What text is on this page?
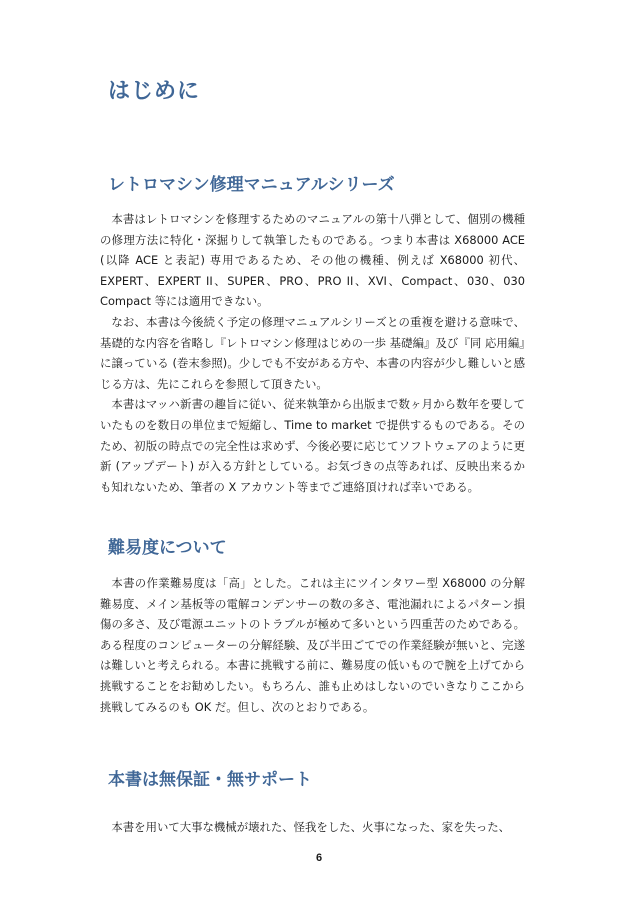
はじめに
レトロマシン修理マニュアルシリーズ

本書はレトロマシンを修理するためのマニュアルの第十八弾として、個別の機種の修理方法に特化・深掘りして執筆したものである。つまり本書は X68000 ACE (以降 ACE と表記) 専用であるため、その他の機種、例えば X68000 初代、EXPERT、EXPERT II、SUPER、PRO、PRO II、XVI、Compact、030、030 Compact 等には適用できない。

なお、本書は今後続く予定の修理マニュアルシリーズとの重複を避ける意味で、基礎的な内容を省略し『レトロマシン修理はじめの一歩 基礎編』及び『同 応用編』に譲っている (巻末参照)。少しでも不安がある方や、本書の内容が少し難しいと感じる方は、先にこれらを参照して頂きたい。

本書はマッハ新書の趣旨に従い、従来執筆から出版まで数ヶ月から数年を要していたものを数日の単位まで短縮し、Time to market で提供するものである。そのため、初版の時点での完全性は求めず、今後必要に応じてソフトウェアのように更新 (アップデート) が入る方針としている。お気づきの点等あれば、反映出来るかも知れないため、筆者の X アカウント等までご連絡頂ければ幸いである。

難易度について

本書の作業難易度は「高」とした。これは主にツインタワー型 X68000 の分解難易度、メイン基板等の電解コンデンサーの数の多さ、電池漏れによるパターン損傷の多さ、及び電源ユニットのトラブルが極めて多いという四重苦のためである。ある程度のコンピューターの分解経験、及び半田ごてでの作業経験が無いと、完遂は難しいと考えられる。本書に挑戦する前に、難易度の低いもので腕を上げてから挑戦することをお勧めしたい。もちろん、誰も止めはしないのでいきなりここから挑戦してみるのも OK だ。但し、次のとおりである。

本書は無保証・無サポート

本書を用いて大事な機械が壊れた、怪我をした、火事になった、家を失った、

6
